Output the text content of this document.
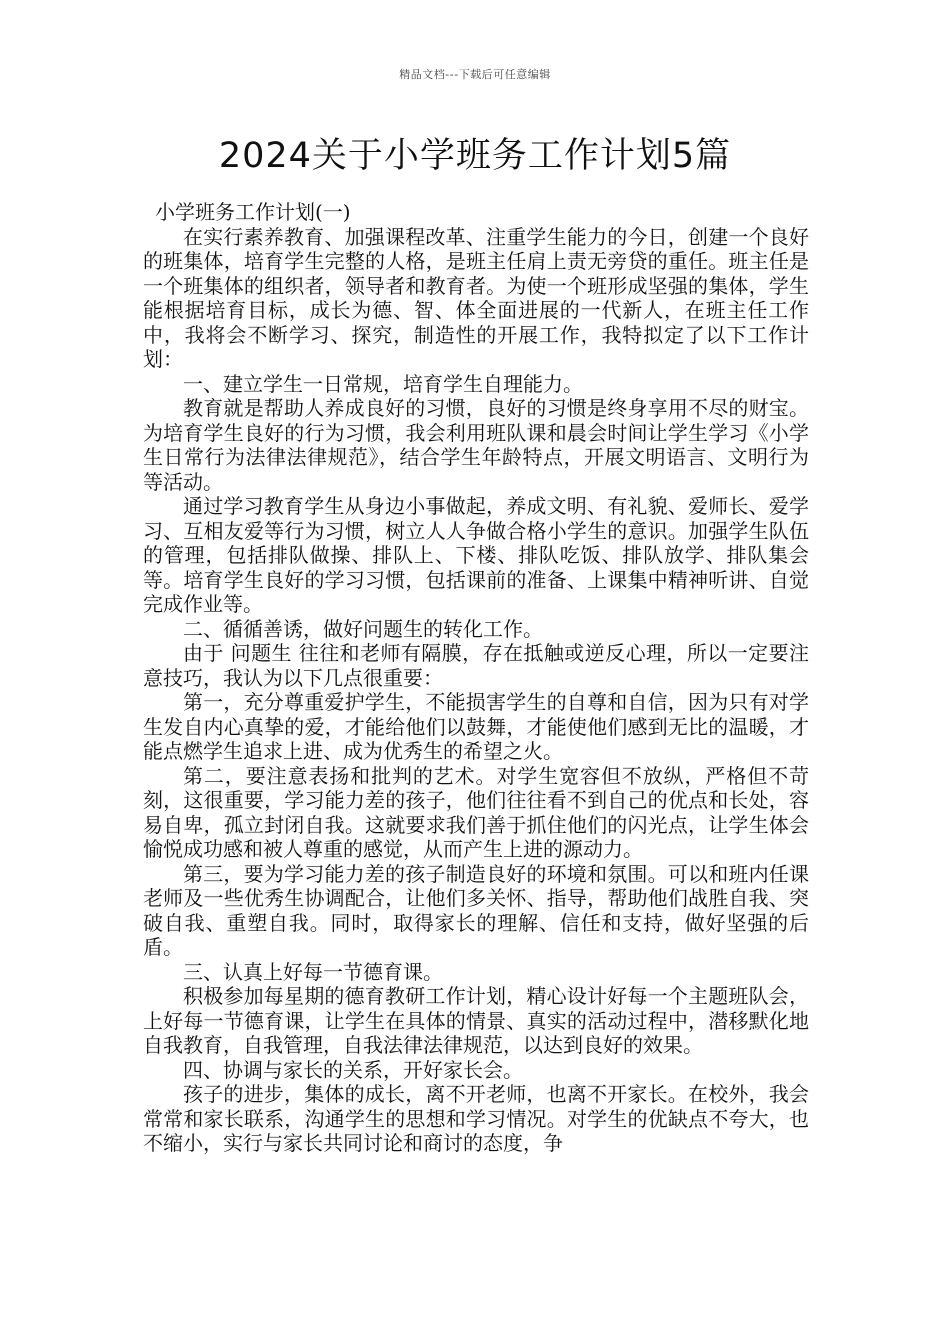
精品文档---下载后可任意编辑
2024关于小学班务工作计划5篇

小学班务工作计划(一)

在实行素养教育、加强课程改革、注重学生能力的今日，创建一个良好的班集体，培育学生完整的人格，是班主任肩上责无旁贷的重任。班主任是一个班集体的组织者，领导者和教育者。为使一个班形成坚强的集体，学生能根据培育目标，成长为德、智、体全面进展的一代新人，在班主任工作中，我将会不断学习、探究，制造性的开展工作，我特拟定了以下工作计划：

一、建立学生一日常规，培育学生自理能力。

教育就是帮助人养成良好的习惯，良好的习惯是终身享用不尽的财宝。为培育学生良好的行为习惯，我会利用班队课和晨会时间让学生学习《小学生日常行为法律法律规范》，结合学生年龄特点，开展文明语言、文明行为等活动。

通过学习教育学生从身边小事做起，养成文明、有礼貌、爱师长、爱学习、互相友爱等行为习惯，树立人人争做合格小学生的意识。加强学生队伍的管理，包括排队做操、排队上、下楼、排队吃饭、排队放学、排队集会等。培育学生良好的学习习惯，包括课前的准备、上课集中精神听讲、自觉完成作业等。

二、循循善诱，做好问题生的转化工作。

由于 问题生 往往和老师有隔膜，存在抵触或逆反心理，所以一定要注意技巧，我认为以下几点很重要：

第一，充分尊重爱护学生，不能损害学生的自尊和自信，因为只有对学生发自内心真挚的爱，才能给他们以鼓舞，才能使他们感到无比的温暖，才能点燃学生追求上进、成为优秀生的希望之火。

第二，要注意表扬和批判的艺术。对学生宽容但不放纵，严格但不苛刻，这很重要，学习能力差的孩子，他们往往看不到自己的优点和长处，容易自卑，孤立封闭自我。这就要求我们善于抓住他们的闪光点，让学生体会愉悦成功感和被人尊重的感觉，从而产生上进的源动力。

第三，要为学习能力差的孩子制造良好的环境和氛围。可以和班内任课老师及一些优秀生协调配合，让他们多关怀、指导，帮助他们战胜自我、突破自我、重塑自我。同时，取得家长的理解、信任和支持，做好坚强的后盾。

三、认真上好每一节德育课。

积极参加每星期的德育教研工作计划，精心设计好每一个主题班队会，上好每一节德育课，让学生在具体的情景、真实的活动过程中，潜移默化地自我教育，自我管理，自我法律法律规范，以达到良好的效果。

四、协调与家长的关系，开好家长会。

孩子的进步，集体的成长，离不开老师，也离不开家长。在校外，我会常常和家长联系，沟通学生的思想和学习情况。对学生的优缺点不夸大，也不缩小，实行与家长共同讨论和商讨的态度，争
